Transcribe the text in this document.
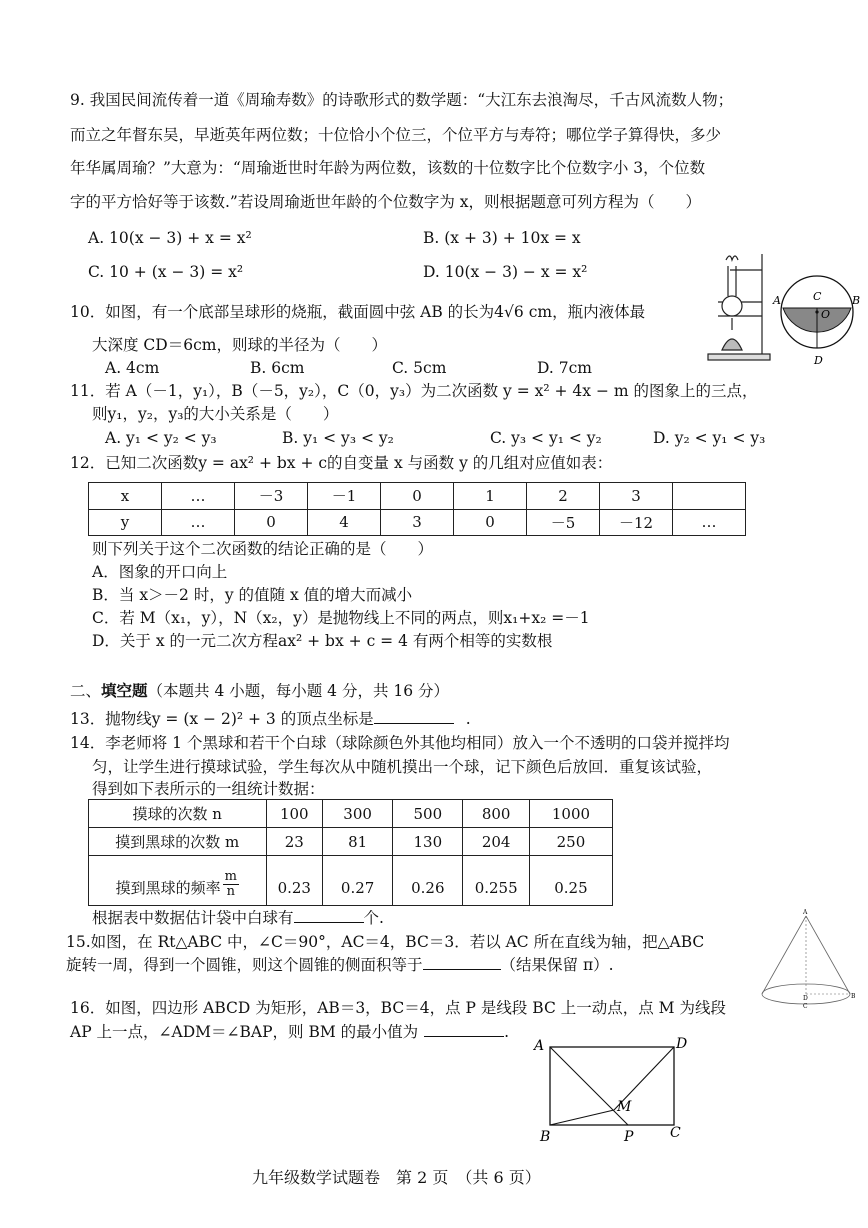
9. 我国民间流传着一道《周瑜寿数》的诗歌形式的数学题：“大江东去浪淘尽，千古风流数人物；
而立之年督东吴，早逝英年两位数；十位恰小个位三，个位平方与寿符；哪位学子算得快，多少
年华属周瑜？”大意为：“周瑜逝世时年龄为两位数，该数的十位数字比个位数字小 3，个位数
字的平方恰好等于该数.”若设周瑜逝世年龄的个位数字为 x，则根据题意可列方程为（　　）
A. 10(x − 3) + x = x²	B. (x + 3) + 10x = x
C. 10 + (x − 3) = x²	D. 10(x − 3) − x = x²
A	C	B
O
D
10．如图，有一个底部呈球形的烧瓶，截面圆中弦 AB 的长为4√6 cm，瓶内液体最
大深度 CD＝6cm，则球的半径为（　　）
A. 4cm	B. 6cm	C. 5cm	D. 7cm
11．若 A（－1，y₁），B（－5，y₂），C（0，y₃）为二次函数 y = x² + 4x − m 的图象上的三点，
则y₁，y₂，y₃的大小关系是（　　）
A. y₁ < y₂ < y₃	B. y₁ < y₃ < y₂	C. y₃ < y₁ < y₂	D. y₂ < y₁ < y₃
12．已知二次函数y = ax² + bx + c的自变量 x 与函数 y 的几组对应值如表：
x	…	－3	－1	0	1	2	3	
y	…	0	4	3	0	－5	－12	…
则下列关于这个二次函数的结论正确的是（　　）
A．图象的开口向上
B．当 x＞－2 时，y 的值随 x 值的增大而减小
C．若 M（x₁，y），N（x₂，y）是抛物线上不同的两点，则x₁+x₂ =－1
D．关于 x 的一元二次方程ax² + bx + c = 4 有两个相等的实数根
二、填空题（本题共 4 小题，每小题 4 分，共 16 分）
13．抛物线y = (x − 2)² + 3 的顶点坐标是	.
14．李老师将 1 个黑球和若干个白球（球除颜色外其他均相同）放入一个不透明的口袋并搅拌均
匀，让学生进行摸球试验，学生每次从中随机摸出一个球，记下颜色后放回．重复该试验，
得到如下表所示的一组统计数据：
摸球的次数 n	100	300	500	800	1000
摸到黑球的次数 m	23	81	130	204	250
摸到黑球的频率 $\frac{m}{n}$	0.23	0.27	0.26	0.255	0.25
根据表中数据估计袋中白球有	个.	A
D
C
B
15.如图，在 Rt△ABC 中，∠C＝90°，AC＝4，BC＝3．若以 AC 所在直线为轴，把△ABC
旋转一周，得到一个圆锥，则这个圆锥的侧面积等于	（结果保留 π）.
16．如图，四边形 ABCD 为矩形，AB＝3，BC＝4，点 P 是线段 BC 上一动点，点 M 为线段
AP 上一点，∠ADM＝∠BAP，则 BM 的最小值为	.
A	D
M
B	P	C
九年级数学试题卷　第 2 页　（共 6 页）
